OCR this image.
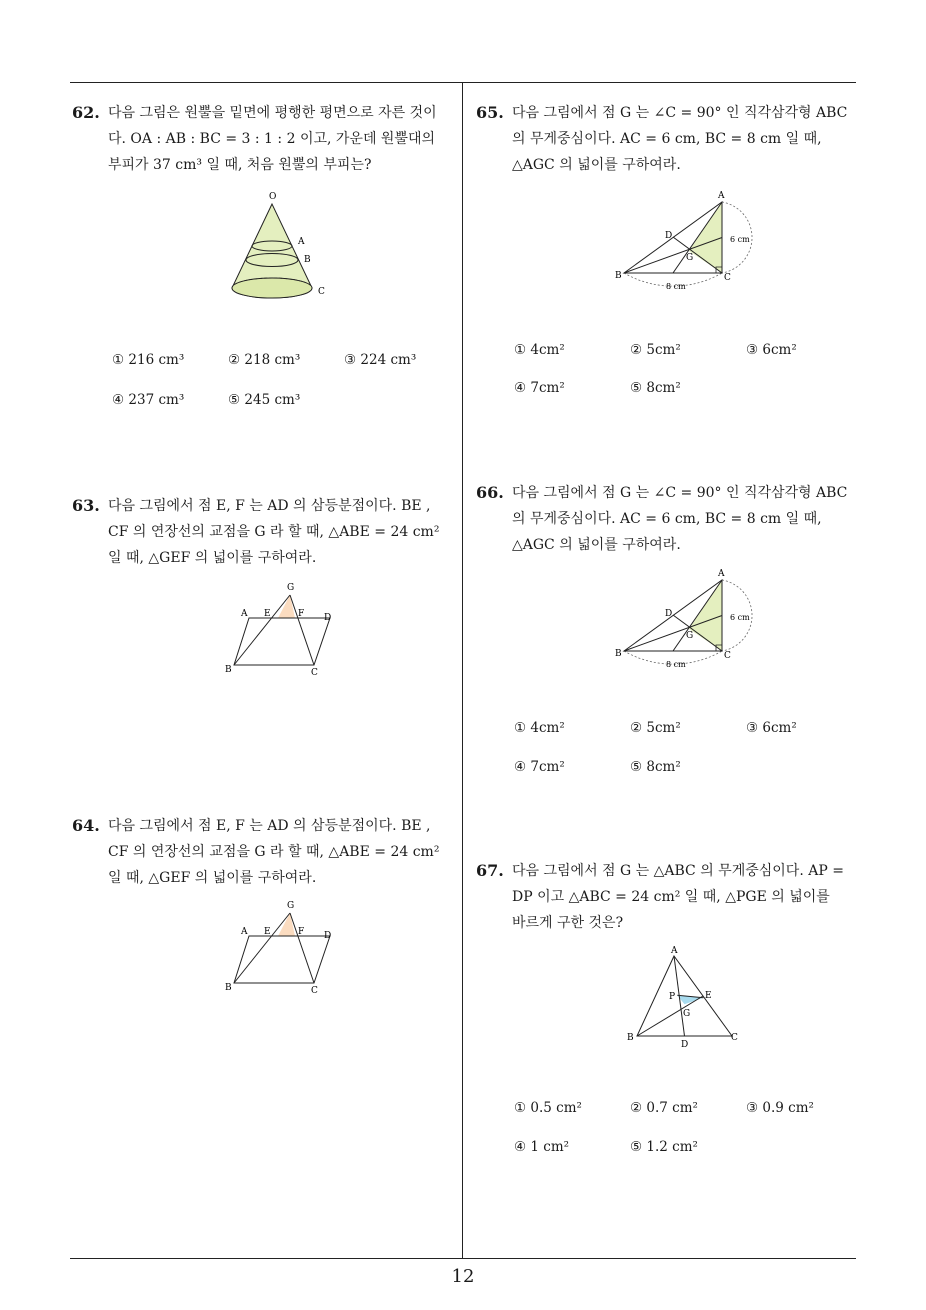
62. 다음 그림은 원뿔을 밑면에 평행한 평면으로 자른 것이
다. OA : AB : BC = 3 : 1 : 2 이고, 가운데 원뿔대의
부피가 37 cm³ 일 때, 처음 원뿔의 부피는?
O
A
B
C
① 216 cm³	② 218 cm³	③ 224 cm³
④ 237 cm³	⑤ 245 cm³
63. 다음 그림에서 점 E, F 는 AD 의 삼등분점이다. BE ,
CF 의 연장선의 교점을 G 라 할 때, △ABE = 24 cm²
일 때, △GEF 의 넓이를 구하여라.
G
A E	F D
B	C
64. 다음 그림에서 점 E, F 는 AD 의 삼등분점이다. BE ,
CF 의 연장선의 교점을 G 라 할 때, △ABE = 24 cm²
일 때, △GEF 의 넓이를 구하여라.
G
A E	F D
B	C
65. 다음 그림에서 점 G 는 ∠C = 90° 인 직각삼각형 ABC
의 무게중심이다. AC = 6 cm, BC = 8 cm 일 때,
△AGC 의 넓이를 구하여라.
A
D
G
B	C
6 cm
8 cm
① 4cm²	② 5cm²	③ 6cm²
④ 7cm²	⑤ 8cm²
66. 다음 그림에서 점 G 는 ∠C = 90° 인 직각삼각형 ABC
의 무게중심이다. AC = 6 cm, BC = 8 cm 일 때,
△AGC 의 넓이를 구하여라.
A
D
G
B	C
6 cm
8 cm
① 4cm²	② 5cm²	③ 6cm²
④ 7cm²	⑤ 8cm²
67. 다음 그림에서 점 G 는 △ABC 의 무게중심이다. AP =
DP 이고 △ABC = 24 cm² 일 때, △PGE 의 넓이를
바르게 구한 것은?
A
P	E
G
B
D
C
① 0.5 cm²	② 0.7 cm²	③ 0.9 cm²
④ 1 cm²	⑤ 1.2 cm²
12
